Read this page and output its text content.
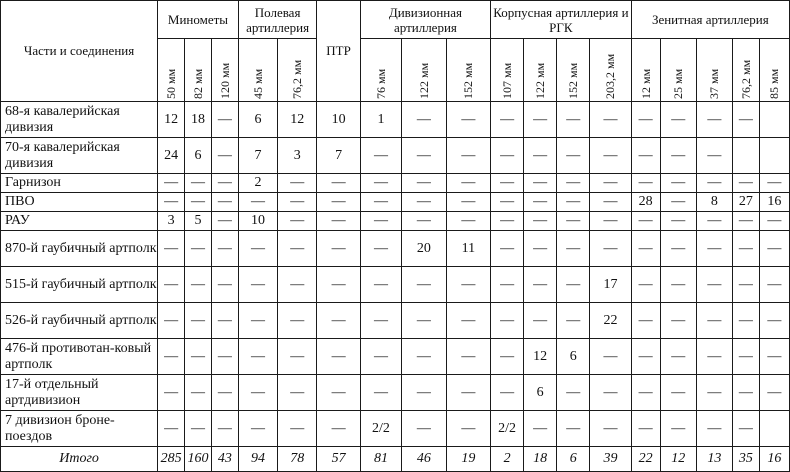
Части и соединения	Минометы			Полевая артиллерия		ПТР	Дивизионная артиллерия			Корпусная артиллерия и РГК				Зенитная артиллерия				

	50 мм	82 мм	120 мм	45 мм	76,2 мм		76 мм	122 мм	152 мм	107 мм	122 мм	152 мм	203,2 мм	12 мм	25 мм	37 мм	76,2 мм	85 мм

68-я кавалерийская дивизия	12	18	—	6	12	10	1	—	—	—	—	—	—	—	—	—	—	
70-я кавалерийская дивизия	24	6	—	7	3	7	—	—	—	—	—	—	—	—	—	—		
Гарнизон	—	—	—	2	—	—	—	—	—	—	—	—	—	—	—	—	—	—
ПВО	—	—	—	—	—	—	—	—	—	—	—	—	—	28	—	8	27	16
РАУ	3	5	—	10	—	—	—	—	—	—	—	—	—	—	—	—	—	—
870-й гаубичный артполк	—	—	—	—	—	—	—	20	11	—	—	—	—	—	—	—	—	—
515-й гаубичный артполк	—	—	—	—	—	—	—	—	—	—	—	—	17	—	—	—	—	—
526-й гаубичный артполк	—	—	—	—	—	—	—	—	—	—	—	—	22	—	—	—	—	—
476-й противотан-ковый артполк	—	—	—	—	—	—	—	—	—	—	12	6	—	—	—	—	—	—
17-й отдельный артдивизион	—	—	—	—	—	—	—	—	—	—	6	—	—	—	—	—	—	—
7 дивизион броне-поездов	—	—	—	—	—	—	2/2	—	—	2/2	—	—	—	—	—	—	—	
Итого	285	160	43	94	78	57	81	46	19	2	18	6	39	22	12	13	35	16
